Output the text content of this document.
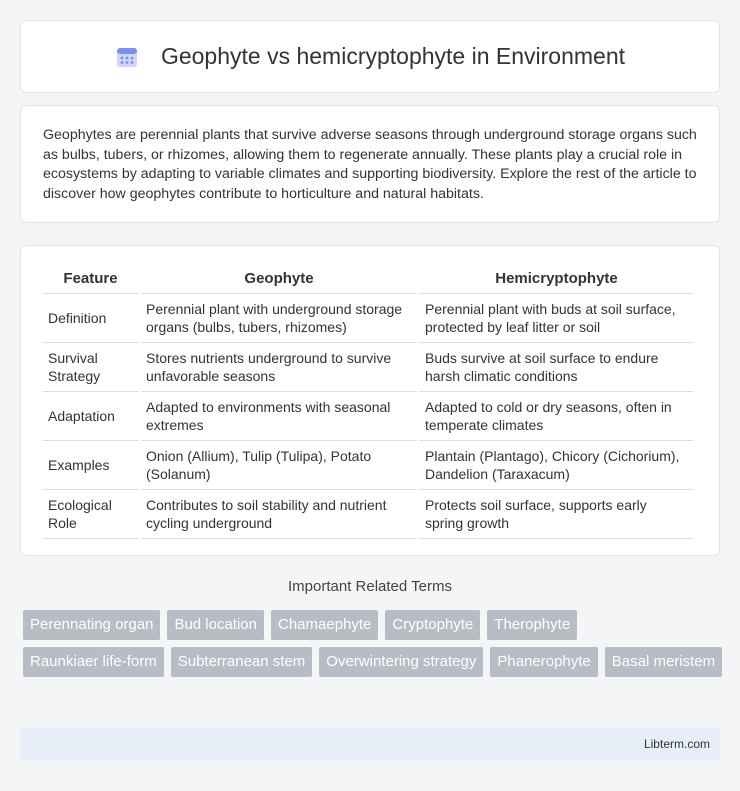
Geophyte vs hemicryptophyte in Environment

Geophytes are perennial plants that survive adverse seasons through underground storage organs such as bulbs, tubers, or rhizomes, allowing them to regenerate annually. These plants play a crucial role in ecosystems by adapting to variable climates and supporting biodiversity. Explore the rest of the article to discover how geophytes contribute to horticulture and natural habitats.

Feature	Geophyte	Hemicryptophyte
Definition	Perennial plant with underground storage organs (bulbs, tubers, rhizomes)	Perennial plant with buds at soil surface, protected by leaf litter or soil
Survival Strategy	Stores nutrients underground to survive unfavorable seasons	Buds survive at soil surface to endure harsh climatic conditions
Adaptation	Adapted to environments with seasonal extremes	Adapted to cold or dry seasons, often in temperate climates
Examples	Onion (Allium), Tulip (Tulipa), Potato (Solanum)	Plantain (Plantago), Chicory (Cichorium), Dandelion (Taraxacum)
Ecological Role	Contributes to soil stability and nutrient cycling underground	Protects soil surface, supports early spring growth
Important Related Terms
Perennating organ	Bud location	Chamaephyte	Cryptophyte	Therophyte
Raunkiaer life-form	Subterranean stem	Overwintering strategy	Phanerophyte	Basal meristem
Libterm.com
